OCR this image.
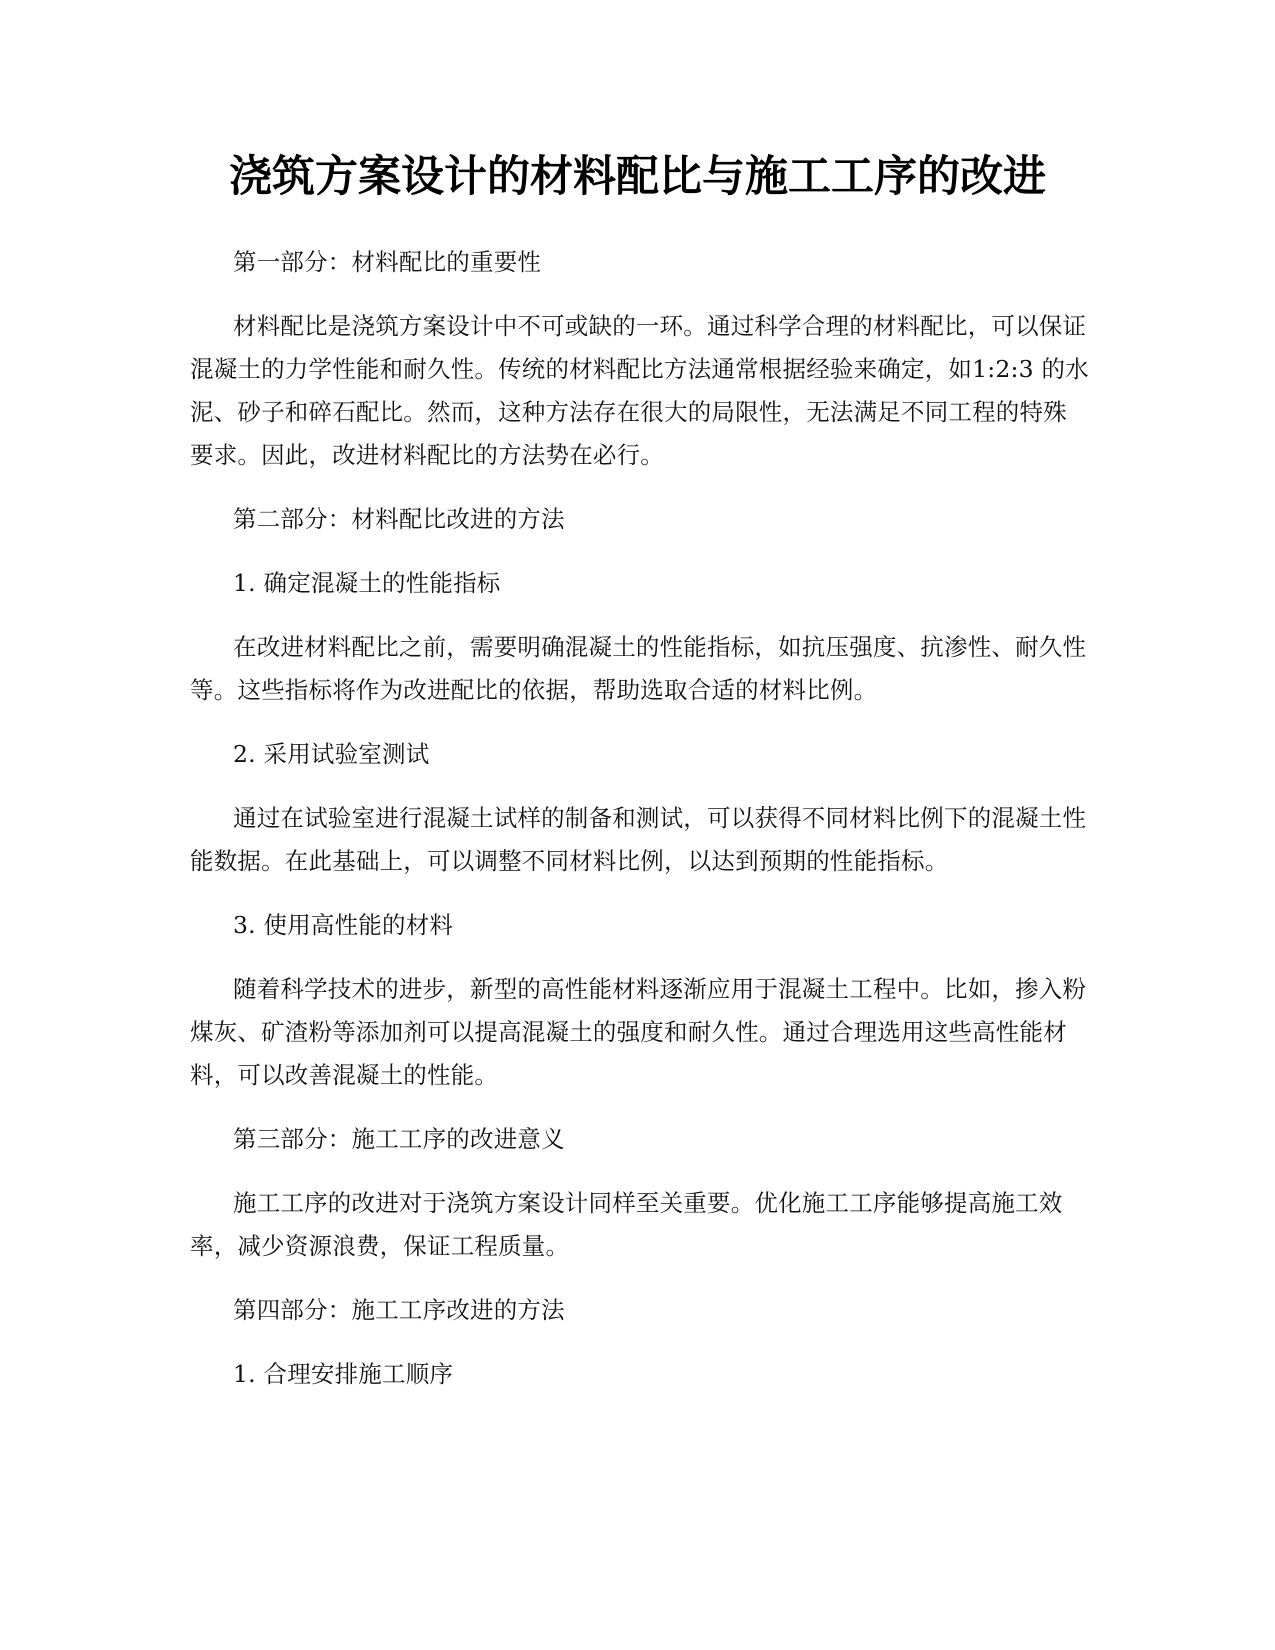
浇筑方案设计的材料配比与施工工序的改进

第一部分：材料配比的重要性

材料配比是浇筑方案设计中不可或缺的一环。通过科学合理的材料配比，可以保证混凝土的力学性能和耐久性。传统的材料配比方法通常根据经验来确定，如1:2:3 的水泥、砂子和碎石配比。然而，这种方法存在很大的局限性，无法满足不同工程的特殊要求。因此，改进材料配比的方法势在必行。

第二部分：材料配比改进的方法

1. 确定混凝土的性能指标

在改进材料配比之前，需要明确混凝土的性能指标，如抗压强度、抗渗性、耐久性等。这些指标将作为改进配比的依据，帮助选取合适的材料比例。

2. 采用试验室测试

通过在试验室进行混凝土试样的制备和测试，可以获得不同材料比例下的混凝土性能数据。在此基础上，可以调整不同材料比例，以达到预期的性能指标。

3. 使用高性能的材料

随着科学技术的进步，新型的高性能材料逐渐应用于混凝土工程中。比如，掺入粉煤灰、矿渣粉等添加剂可以提高混凝土的强度和耐久性。通过合理选用这些高性能材料，可以改善混凝土的性能。

第三部分：施工工序的改进意义

施工工序的改进对于浇筑方案设计同样至关重要。优化施工工序能够提高施工效率，减少资源浪费，保证工程质量。

第四部分：施工工序改进的方法

1. 合理安排施工顺序
